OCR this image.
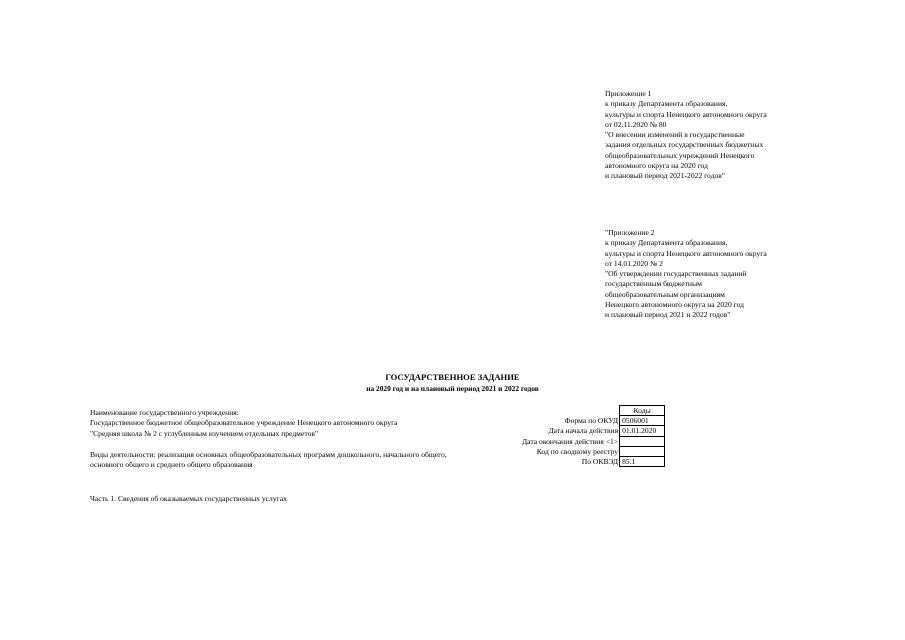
Приложение 1
к приказу Департамента образования,
культуры и спорта Ненецкого автономного округа
от 02.11.2020 № 80
"О внесении изменений в государственные
задания отдельных государственных бюджетных
общеобразовательных учреждений Ненецкого
автономного округа на 2020 год
и плановый период 2021-2022 годов"
"Приложение 2
к приказу Департамента образования,
культуры и спорта Ненецкого автономного округа
от 14.01.2020 № 2
"Об утверждении государственных заданий
государственным бюджетным
общеобразовательным организациям
Ненецкого автономного округа на 2020 год
и плановый период 2021 и 2022 годов"
ГОСУДАРСТВЕННОЕ ЗАДАНИЕ
на 2020 год и на плановый период 2021 и 2022 годов
Наименование государственного учреждения:
Государственное бюджетное общеобразовательное учреждение Ненецкого автономного округа
"Средняя школа № 2 с углубленным изучением отдельных предметов"
Виды деятельности: реализация основных общеобразовательных программ дошкольного, начального общего,
основного общего и среднего общего образования
Часть 1. Сведения об оказываемых государственных услугах
	Коды
Форма по ОКУД	0506001
Дата начала действия	01.01.2020
Дата окончания действия <1>	
Код по сводному реестру	
По ОКВЭД	85.1
